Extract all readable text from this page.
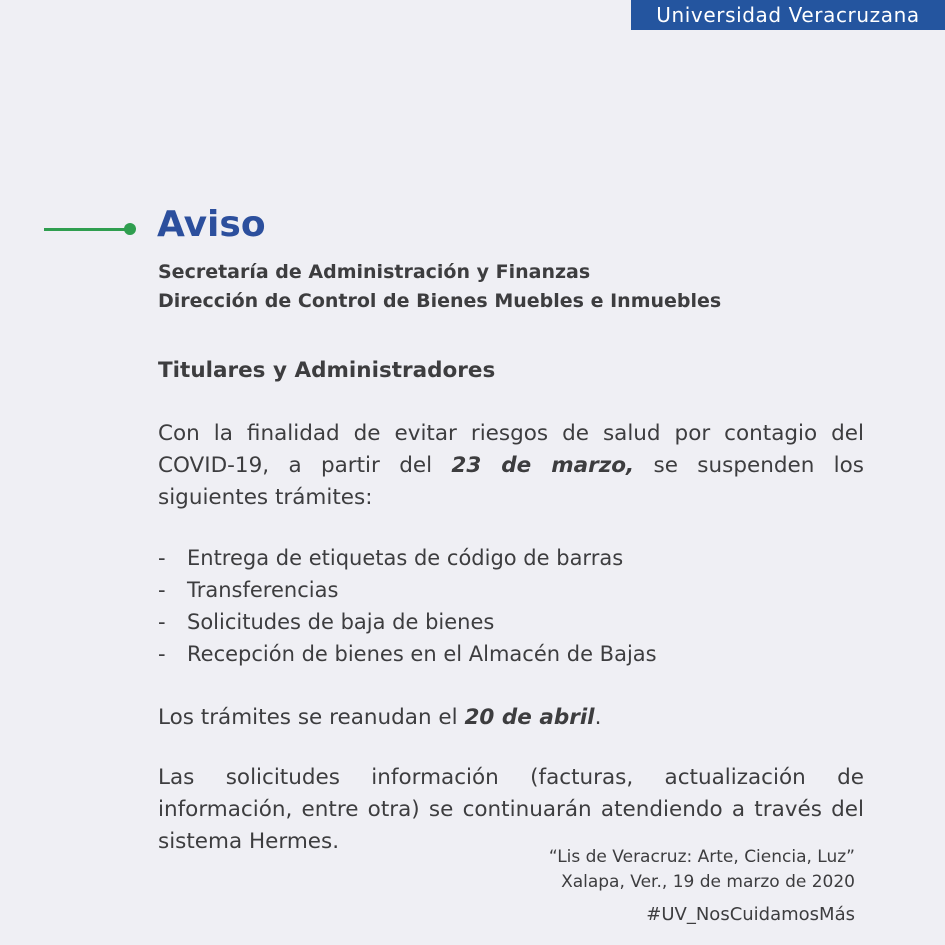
Universidad Veracruzana
Aviso
Secretaría de Administración y Finanzas
Dirección de Control de Bienes Muebles e Inmuebles
Titulares y Administradores
Con la finalidad de evitar riesgos de salud por contagio del COVID-19, a partir del 23 de marzo, se suspenden los siguientes trámites:
- Entrega de etiquetas de código de barras
- Transferencias
- Solicitudes de baja de bienes
- Recepción de bienes en el Almacén de Bajas
Los trámites se reanudan el 20 de abril.
Las solicitudes información (facturas, actualización de información, entre otra) se continuarán atendiendo a través del sistema Hermes.
“Lis de Veracruz: Arte, Ciencia, Luz”
Xalapa, Ver., 19 de marzo de 2020
#UV_NosCuidamosMás
